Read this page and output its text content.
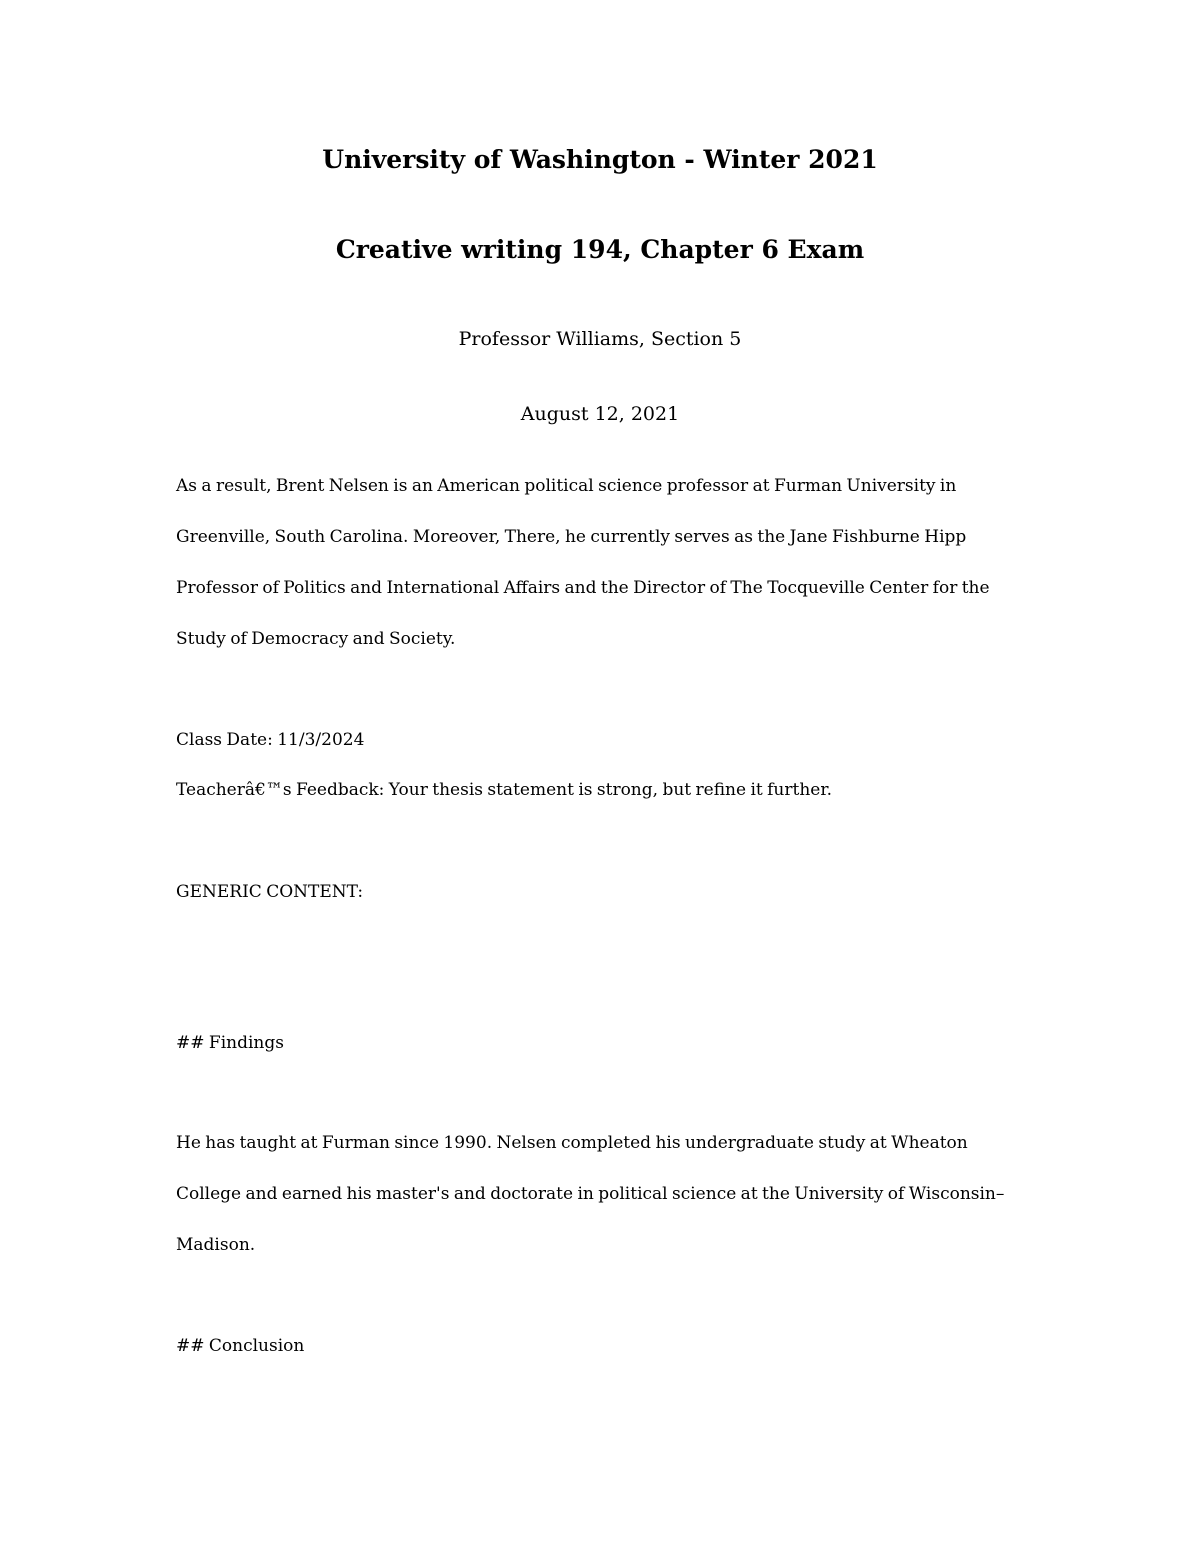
University of Washington - Winter 2021
Creative writing 194, Chapter 6 Exam
Professor Williams, Section 5
August 12, 2021
As a result, Brent Nelsen is an American political science professor at Furman University in Greenville, South Carolina. Moreover, There, he currently serves as the Jane Fishburne Hipp Professor of Politics and International Affairs and the Director of The Tocqueville Center for the Study of Democracy and Society.
Class Date: 11/3/2024
Teacherâ€™s Feedback: Your thesis statement is strong, but refine it further.
GENERIC CONTENT:
## Findings
He has taught at Furman since 1990. Nelsen completed his undergraduate study at Wheaton College and earned his master's and doctorate in political science at the University of Wisconsin–Madison.
## Conclusion
